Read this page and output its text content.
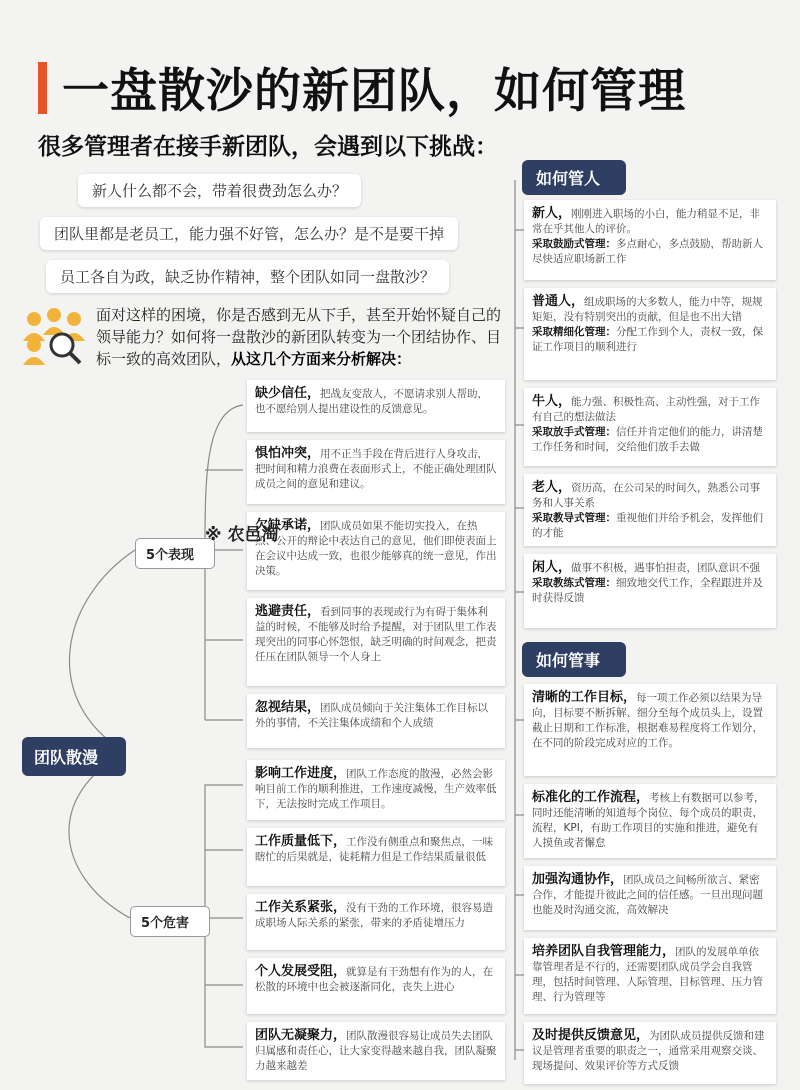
一盘散沙的新团队，如何管理
很多管理者在接手新团队，会遇到以下挑战：
新人什么都不会，带着很费劲怎么办？
团队里都是老员工，能力强不好管，怎么办？是不是要干掉
员工各自为政，缺乏协作精神，整个团队如同一盘散沙？
面对这样的困境，你是否感到无从下手，甚至开始怀疑自己的领导能力？如何将一盘散沙的新团队转变为一个团结协作、目标一致的高效团队，从这几个方面来分析解决：
团队散漫
5个表现
5个危害
缺少信任，把战友变敌人，不愿请求别人帮助，也不愿给别人提出建设性的反馈意见。
惧怕冲突，用不正当手段在背后进行人身攻击，把时间和精力浪费在表面形式上，不能正确处理团队成员之间的意见和建议。
欠缺承诺，团队成员如果不能切实投入，在热烈、公开的辩论中表达自己的意见，他们即使表面上在会议中达成一致，也很少能够真的统一意见，作出决策。
逃避责任，看到同事的表现或行为有碍于集体利益的时候，不能够及时给予提醒，对于团队里工作表现突出的同事心怀怨恨，缺乏明确的时间观念，把责任压在团队领导一个人身上
忽视结果，团队成员倾向于关注集体工作目标以外的事情，不关注集体成绩和个人成绩
影响工作进度，团队工作态度的散漫，必然会影响目前工作的顺利推进，工作速度减慢，生产效率低下，无法按时完成工作项目。
工作质量低下，工作没有侧重点和聚焦点，一味瞎忙的后果就是，徒耗精力但是工作结果质量很低
工作关系紧张，没有干劲的工作环境，很容易造成职场人际关系的紧张，带来的矛盾徒增压力
个人发展受阻，就算是有干劲想有作为的人，在松散的环境中也会被逐渐同化，丧失上进心
团队无凝聚力，团队散漫很容易让成员失去团队归属感和责任心，让大家变得越来越自我，团队凝聚力越来越差
※ 农邑淘
如何管人
新人，刚刚进入职场的小白，能力稍显不足，非常在乎其他人的评价。
采取鼓励式管理：多点耐心，多点鼓励，帮助新人尽快适应职场新工作
普通人，组成职场的大多数人，能力中等，规规矩矩，没有特别突出的贡献，但是也不出大错
采取精细化管理：分配工作到个人，责权一致，保证工作项目的顺利进行
牛人，能力强、积极性高、主动性强，对于工作有自己的想法做法
采取放手式管理：信任并肯定他们的能力，讲清楚工作任务和时间，交给他们放手去做
老人，资历高，在公司呆的时间久，熟悉公司事务和人事关系
采取教导式管理：重视他们并给予机会，发挥他们的才能
闲人，做事不积极，遇事怕担责，团队意识不强
采取教练式管理：细致地交代工作，全程跟进并及时获得反馈
如何管事
清晰的工作目标，每一项工作必须以结果为导向，目标要不断拆解、细分至每个成员头上，设置截止日期和工作标准，根据难易程度将工作划分，在不同的阶段完成对应的工作。
标准化的工作流程，考核上有数据可以参考，同时还能清晰的知道每个岗位、每个成员的职责，流程，KPI，有助工作项目的实施和推进，避免有人摸鱼或者懈怠
加强沟通协作，团队成员之间畅所欲言、紧密合作，才能提升彼此之间的信任感。一旦出现问题也能及时沟通交流，高效解决
培养团队自我管理能力，团队的发展单单依靠管理者是不行的，还需要团队成员学会自我管理，包括时间管理、人际管理、目标管理、压力管理、行为管理等
及时提供反馈意见，为团队成员提供反馈和建议是管理者重要的职责之一，通常采用观察交谈、现场提问、效果评价等方式反馈
